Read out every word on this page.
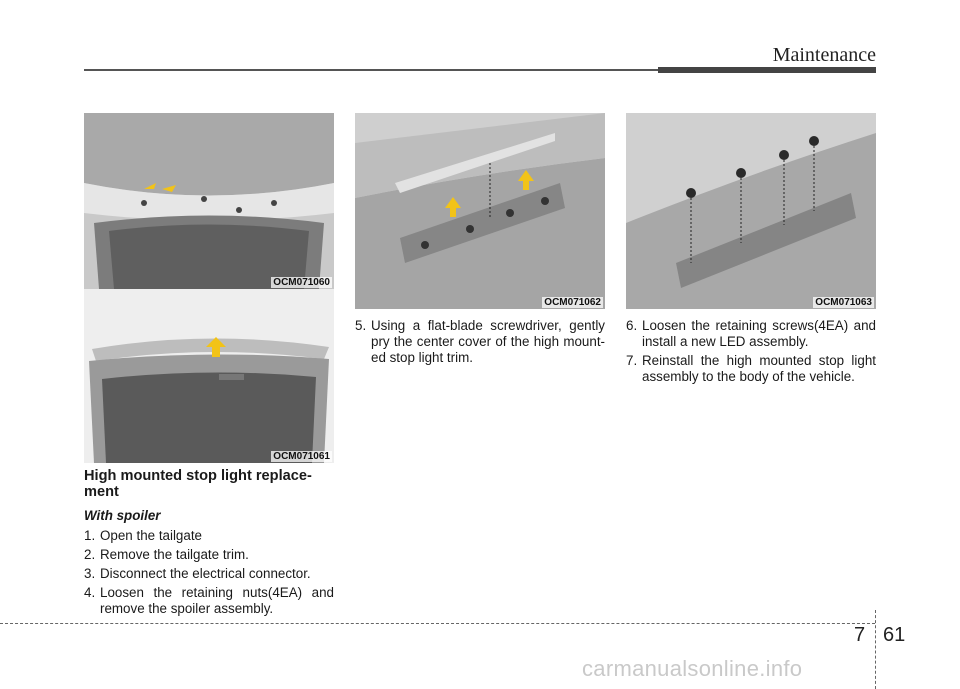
Maintenance
OCM071060
OCM071061
OCM071062	OCM071063
High mounted stop light replace-ment
With spoiler
1. Open the tailgate
2. Remove the tailgate trim.
3. Disconnect the electrical connector.
4. Loosen the retaining nuts(4EA) and remove the spoiler assembly.
5. Using a flat-blade screwdriver, gently pry the center cover of the high mount-ed stop light trim.
6. Loosen the retaining screws(4EA) and install a new LED assembly.
7. Reinstall the high mounted stop light assembly to the body of the vehicle.
7 61
carmanualsonline.info
